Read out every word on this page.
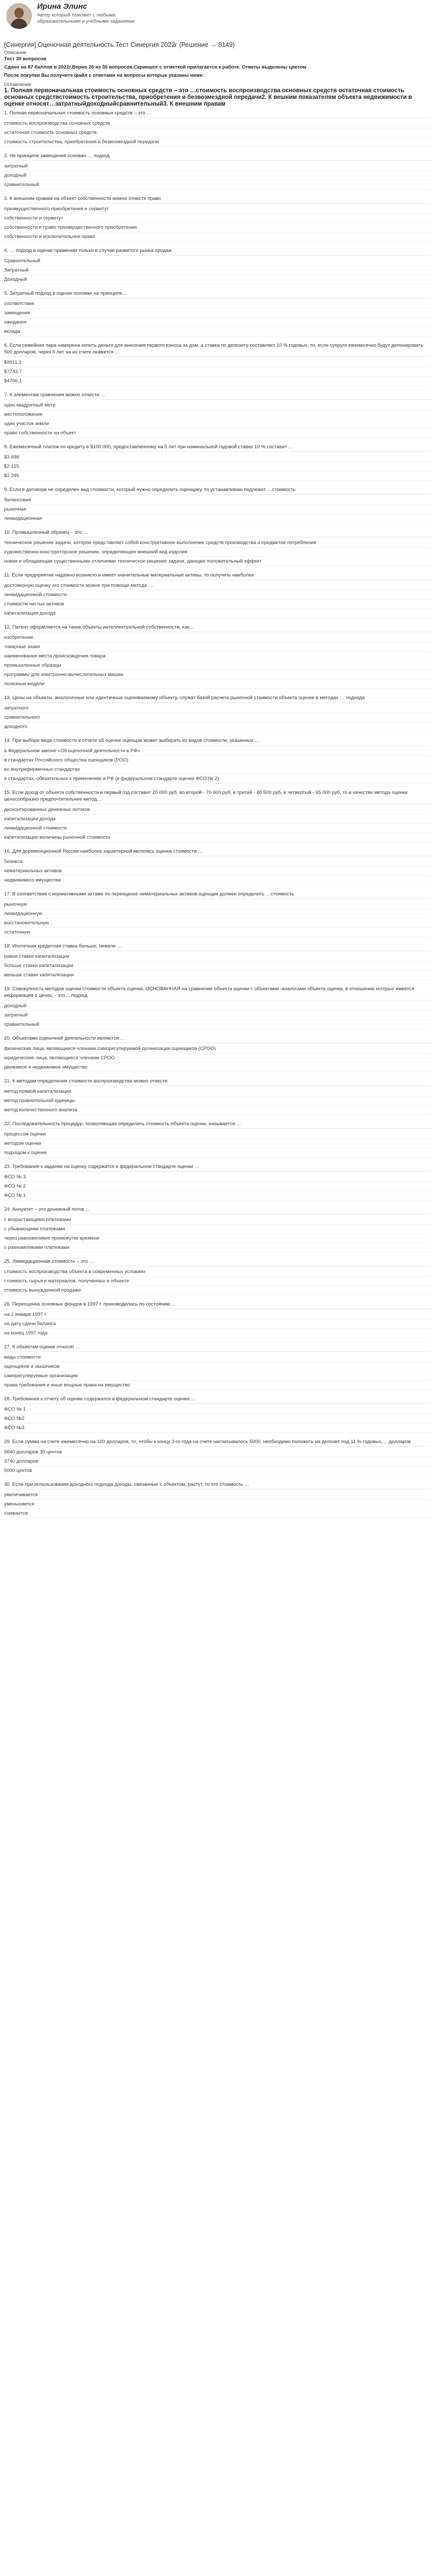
Ирина Элинс
Автор который поможет с любыми образовательными и учебными заданиями
[Синергия] Оценочная деятельность.Тест Синергия 2022г (Решение → 8149)
Описание
Тест 30 вопросов
Сдано на 87 баллов в 2022г.Верно 26 из 30 вопросов.Скриншот с отметкой прилагается к работе. Ответы выделены цветом
После покупки Вы получите файл с ответами на вопросы которые указаны ниже:
Оглавление
1. Полная первоначальная стоимость основных средств – это …стоимость воспроизводства основных средств остаточная стоимость основных средствстоимость строительства, приобретения и безвозмездной передачи2. К вешним показателям объекта недвижимости в оценке относят…затратныйдоходныйсравнительный3. К внешним правам
1. Полная первоначальная стоимость основных средств – это …
стоимость воспроизводства основных средств
остаточная стоимость основных средств
стоимость строительства, приобретения и безвозмездной передачи
2. Не принципе замещения основан … подход
затратный
доходный
сравнительный
3. К внешним правам на объект собственности можно отнести право
преимущественного приобретения и сервитут
собственности и сервитут
собственности и право преимущественного приобретения
собственности и исключительное право
4. … подход в оценке применим только в случае развитого рынка продаж
Сравнительный
Затратный
Доходный
5. Затратный подход в оценке основан на принципе…
соответствия
замещения
ожидания
вклада
6. Если семейная пара намерена копить деньги для внесения первого взноса за дом, а ставка по депозиту составляет 10 % годовых, то, если супруги ежемесячно будут депонировать 500 долларов, через 6 лет на их счете окажется …
$9911,1
$7743,7
$4706,1
7. К элементам сравнения можно отнести …
один квадратный метр
местоположение
один участок земли
право собственности на объект
8. Ежемесячный платеж по кредиту в $100 000, предоставленному на 5 лет при номинальной годовой ставке 10 % составит …
$3 698
$2 125
$1 295
9. Если в договоре не определен вид стоимости, который нужно определить оценщику, то устанавливаю подлежит …стоимость
балансовая
рыночная
ликвидационная
10. Промышленный образец – это …
техническое решение задачи, которое представляет собой конструктивное выполнение средств производства и предметов потребления
художественно-конструкторское решение, определяющее внешний вид изделия
новая и обладающая существенными отличиями техническое решение задачи, дающее положительный эффект
11. Если предприятие надежно возникло и имеет значительные материальные активы, то получить наиболее
достоверную оценку его стоимости можно при помощи метода …
ликвидационной стоимости
стоимости чистых активов
капитализации дохода
12. Патент оформляется на такие объекты интеллектуальной собственности, как…
изобретения
товарные знаки
наименования места происхождения товара
промышленные образцы
программы для электронно-вычислительных машин
полезные модели
13. Цены на объекты, аналогичные или идентичные оцениваемому объекту, служат базой расчета рыночной стоимости объекта оценки в методах … подхода
затратного
сравнительного
доходного
14. При выборе вида стоимости в отчете об оценке оценщик может выбирать из видов стоимости, указанных …
в Федеральном законе «Об оценочной деятельности в РФ»
в стандартах Российского общества оценщиков (РОО)
во внутрифирменных стандартах
в стандартах, обязательных к применению в РФ (в федеральном стандарте оценки ФСО № 2)
15. Если доход от объекта собственности в первый год составит 20 000 руб, во второй - 70 000 руб, в третий - 40 500 руб, в четвертый - 65 000 руб, то в качестве метода оценки целесообразно предпочтительнее метод…
дисконтированных денежных потоков
капитализации дохода
ликвидационной стоимости
капитализации величины рыночной стоимости
16. Для доремонционной России наиболее характерной являлась оценка стоимости …
бизнеса
нематериальных активов
недвижимого имущества
17. В соответствии с нормативными актами по переоценке нематериальных активов оценщик должен определить …стоимость
рыночную
ликвидационную
восстановительную
остаточную
18. Ипотечная кредитная ставка больше, нежели …
равна ставке капитализации
больше ставки капитализации
меньше ставки капитализации
19. Совокупность методов оценки стоимости объекта оценки, ОСНОВАННАЯ на сравнении объекта оценки с объектами -аналогами объекта оценки, в отношении которых имеется информация о ценах, - это… подход
доходный
затратный
сравнительный
20. Объектами оценочной деятельности являются …
физические лица, являющиеся членами саморегулируемой организации оценщиков (СРОО)
юридические лица, являющиеся членами СРОО
движимое и недвижимое имущество
21. К методам определения стоимости воспроизводства можно отнести
метод прямой капитализации
метод сравнительной единицы
метод количественного анализа
22. Последовательность процедур, позволяющая определить стоимость объекта оценки, называется …
процессом оценки
методом оценки
подходом к оценке
23. Требования к задании на оценку содержатся в федеральном стандарте оценки …
ФСО № 3
ФСО № 2
ФСО № 1
24. Аннуитет – это денежный поток …
с возрастающими платежами
с убывающими платежами
через равновеликие промежутки времени
с равновеликими платежами
25. Ликвидационная стоимость – это …
стоимость воспроизводства объекта в современных условиях
стоимость сырья и материалов, полученных в объекте
стоимость вынужденной продажи
26. Переоценка основных фондов в 1997 г. производилась по состоянию …
на 1 января 1997 г.
на дату сдачи баланса
на конец 1997 года.
27. К объектам оценки относят …
виды стоимости
оценщиков и заказчиков
саморегулируемые организации
права требования и иные вещные права на имущество
28. Требования к отчету об оценке содержатся в федеральном стандарте оценки …
ФСО № 1
ФСО №2
ФСО №3
29. Если сумма на счете ежемесячно на 100 долларов, то, чтобы к концу 3-го года на счете насчитывалось 5000, необходимо положить на депозит под 11 % годовых, …долларов
5840 долларов 30 центов
3740 долларов
5000 центов
30. Если при использовании доходного подхода доходы, связанные с объектом, растут, то его стоимость …
увеличивается
уменьшается
снижается
